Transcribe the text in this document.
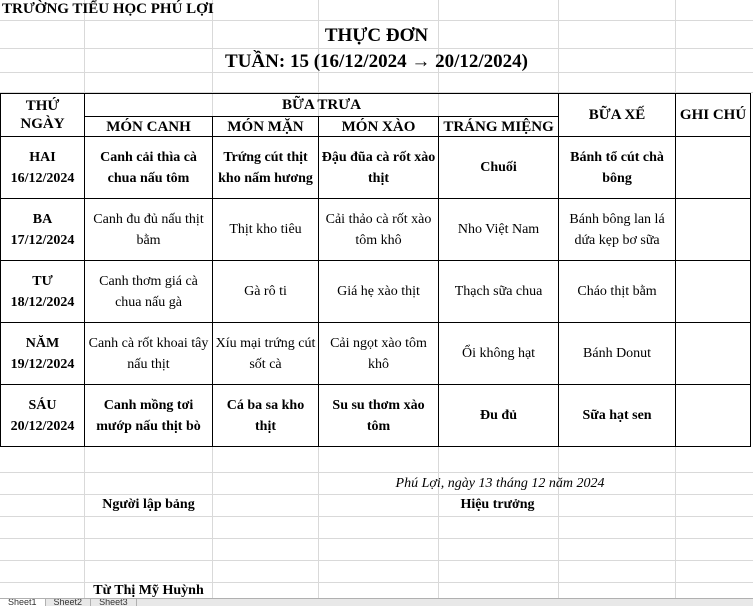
TRƯỜNG TIỂU HỌC PHÚ LỢI
THỰC ĐƠN
TUẦN: 15 (16/12/2024 → 20/12/2024)
THỨ
NGÀY	BỮA TRƯA				BỮA XẾ	GHI CHÚ
	MÓN CANH	MÓN MẶN	MÓN XÀO	TRÁNG MIỆNG		
HAI
16/12/2024	Canh cải thìa cà chua nấu tôm	Trứng cút thịt kho nấm hương	Đậu đũa cà rốt xào thịt	Chuối	Bánh tổ cút chà bông	
BA
17/12/2024	Canh đu đủ nấu thịt bằm	Thịt kho tiêu	Cải thảo cà rốt xào tôm khô	Nho Việt Nam	Bánh bông lan lá dứa kẹp bơ sữa	
TƯ
18/12/2024	Canh thơm giá cà chua nấu gà	Gà rô ti	Giá hẹ xào thịt	Thạch sữa chua	Cháo thịt bằm	
NĂM
19/12/2024	Canh cà rốt khoai tây nấu thịt	Xíu mại trứng cút sốt cà	Cải ngọt xào tôm khô	Ổi không hạt	Bánh Donut	
SÁU
20/12/2024	Canh mồng tơi mướp nấu thịt bò	Cá ba sa kho thịt	Su su thơm xào tôm	Đu đủ	Sữa hạt sen	
Phú Lợi, ngày 13 tháng 12 năm 2024
Người lập bảng	Hiệu trưởng
Từ Thị Mỹ Huỳnh
Sheet1 Sheet2 Sheet3
